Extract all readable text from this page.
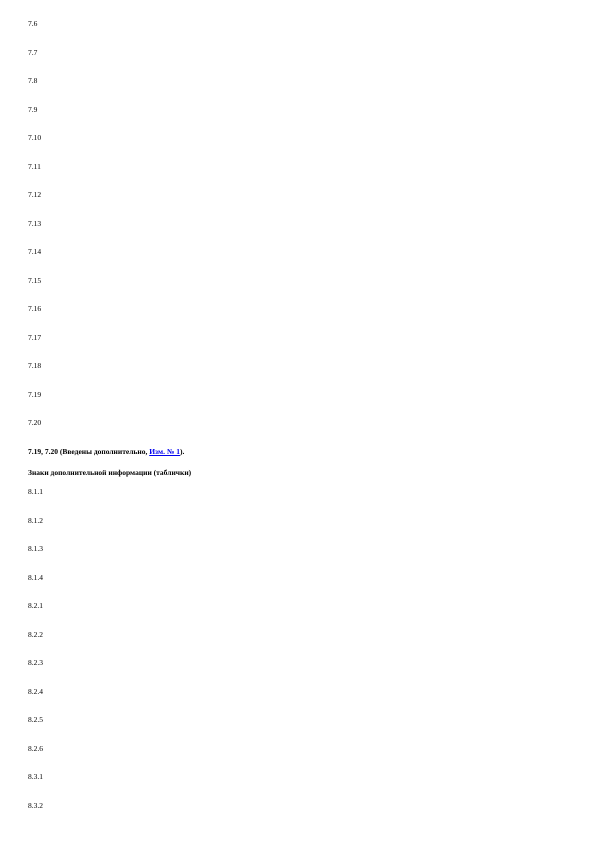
7.6
7.7
7.8
7.9
7.10
7.11
7.12
7.13
7.14
7.15
7.16
7.17
7.18
7.19
7.20
7.19, 7.20 (Введены дополнительно, Изм. № 1).
Знаки дополнительной информации (таблички)
8.1.1
8.1.2
8.1.3
8.1.4
8.2.1
8.2.2
8.2.3
8.2.4
8.2.5
8.2.6
8.3.1
8.3.2
